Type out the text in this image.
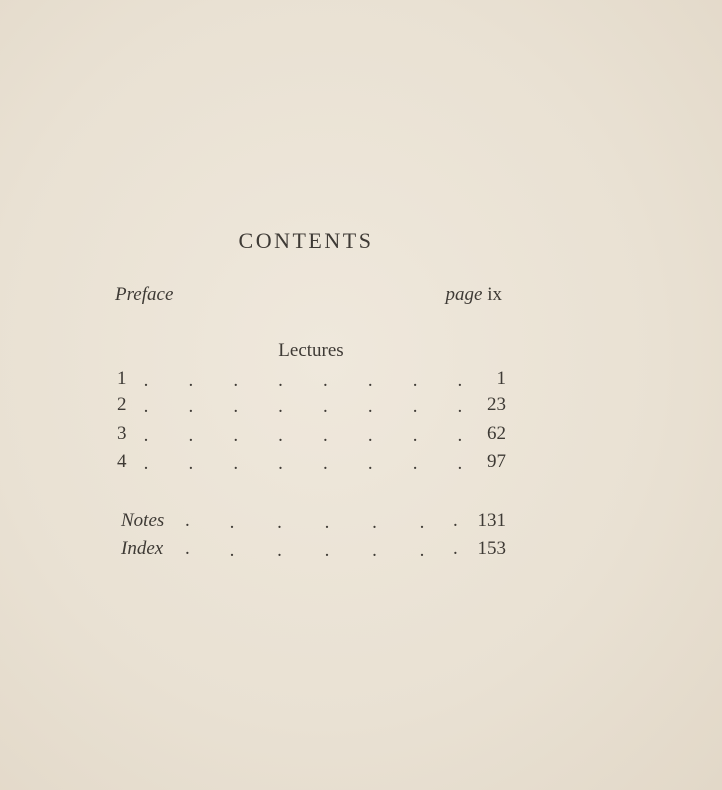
CONTENTS
Preface	page ix
Lectures
1 . . . . . . . . 1
2 . . . . . . . . 23
3 . . . . . . . . 62
4 . . . . . . . . 97
Notes . . . . . . . 131
Index . . . . . . . 153
